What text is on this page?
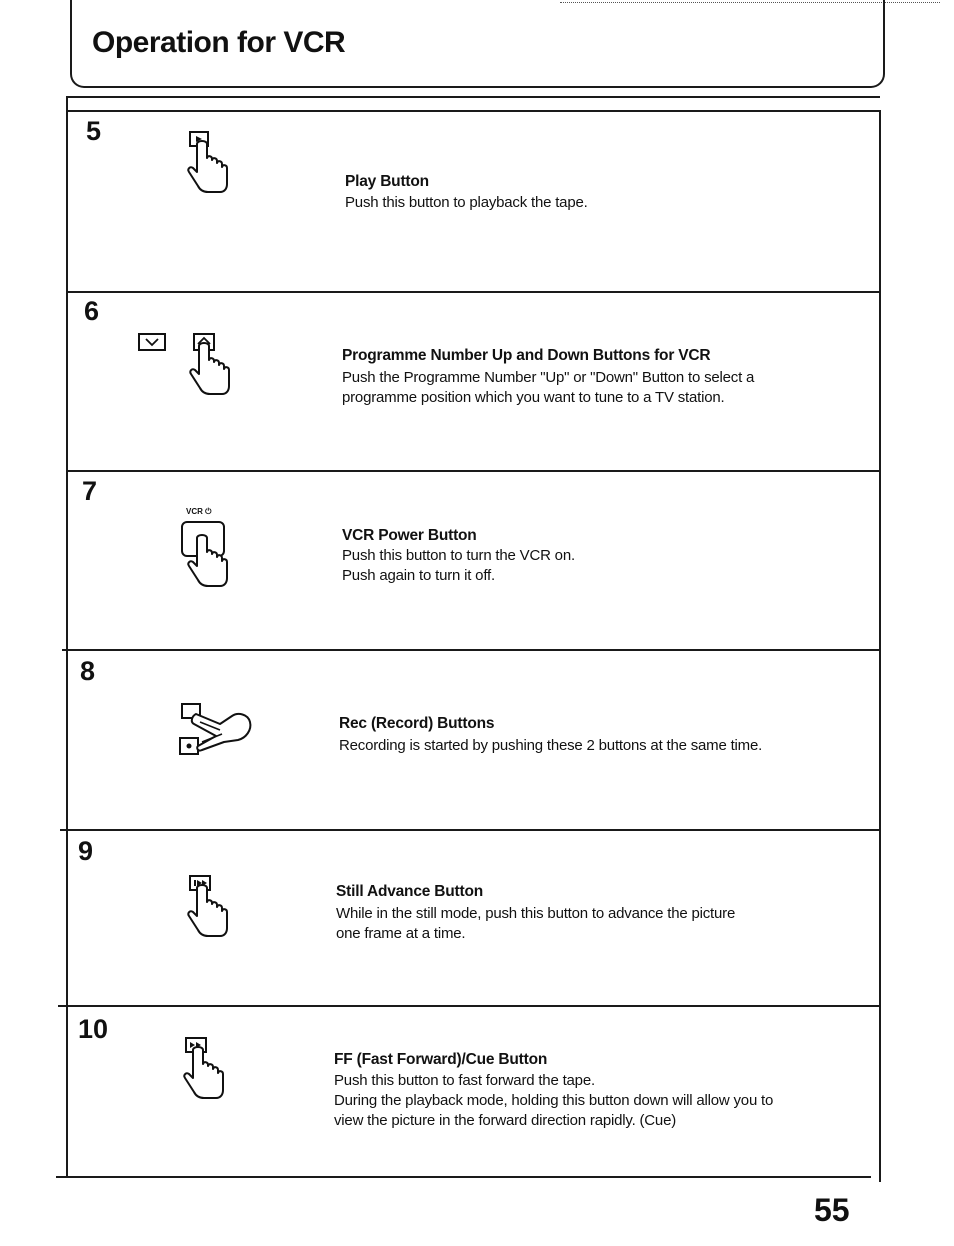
Operation for VCR

5

Play Button

Push this button to playback the tape.

6

Programme Number Up and Down Buttons for VCR

Push the Programme Number "Up" or "Down" Button to select a
programme position which you want to tune to a TV station.

7

VCR ⏻

VCR Power Button

Push this button to turn the VCR on.
Push again to turn it off.

8

Rec (Record) Buttons

Recording is started by pushing these 2 buttons at the same time.

9

Still Advance Button

While in the still mode, push this button to advance the picture
one frame at a time.

10

FF (Fast Forward)/Cue Button

Push this button to fast forward the tape.
During the playback mode, holding this button down will allow you to
view the picture in the forward direction rapidly. (Cue)

55
